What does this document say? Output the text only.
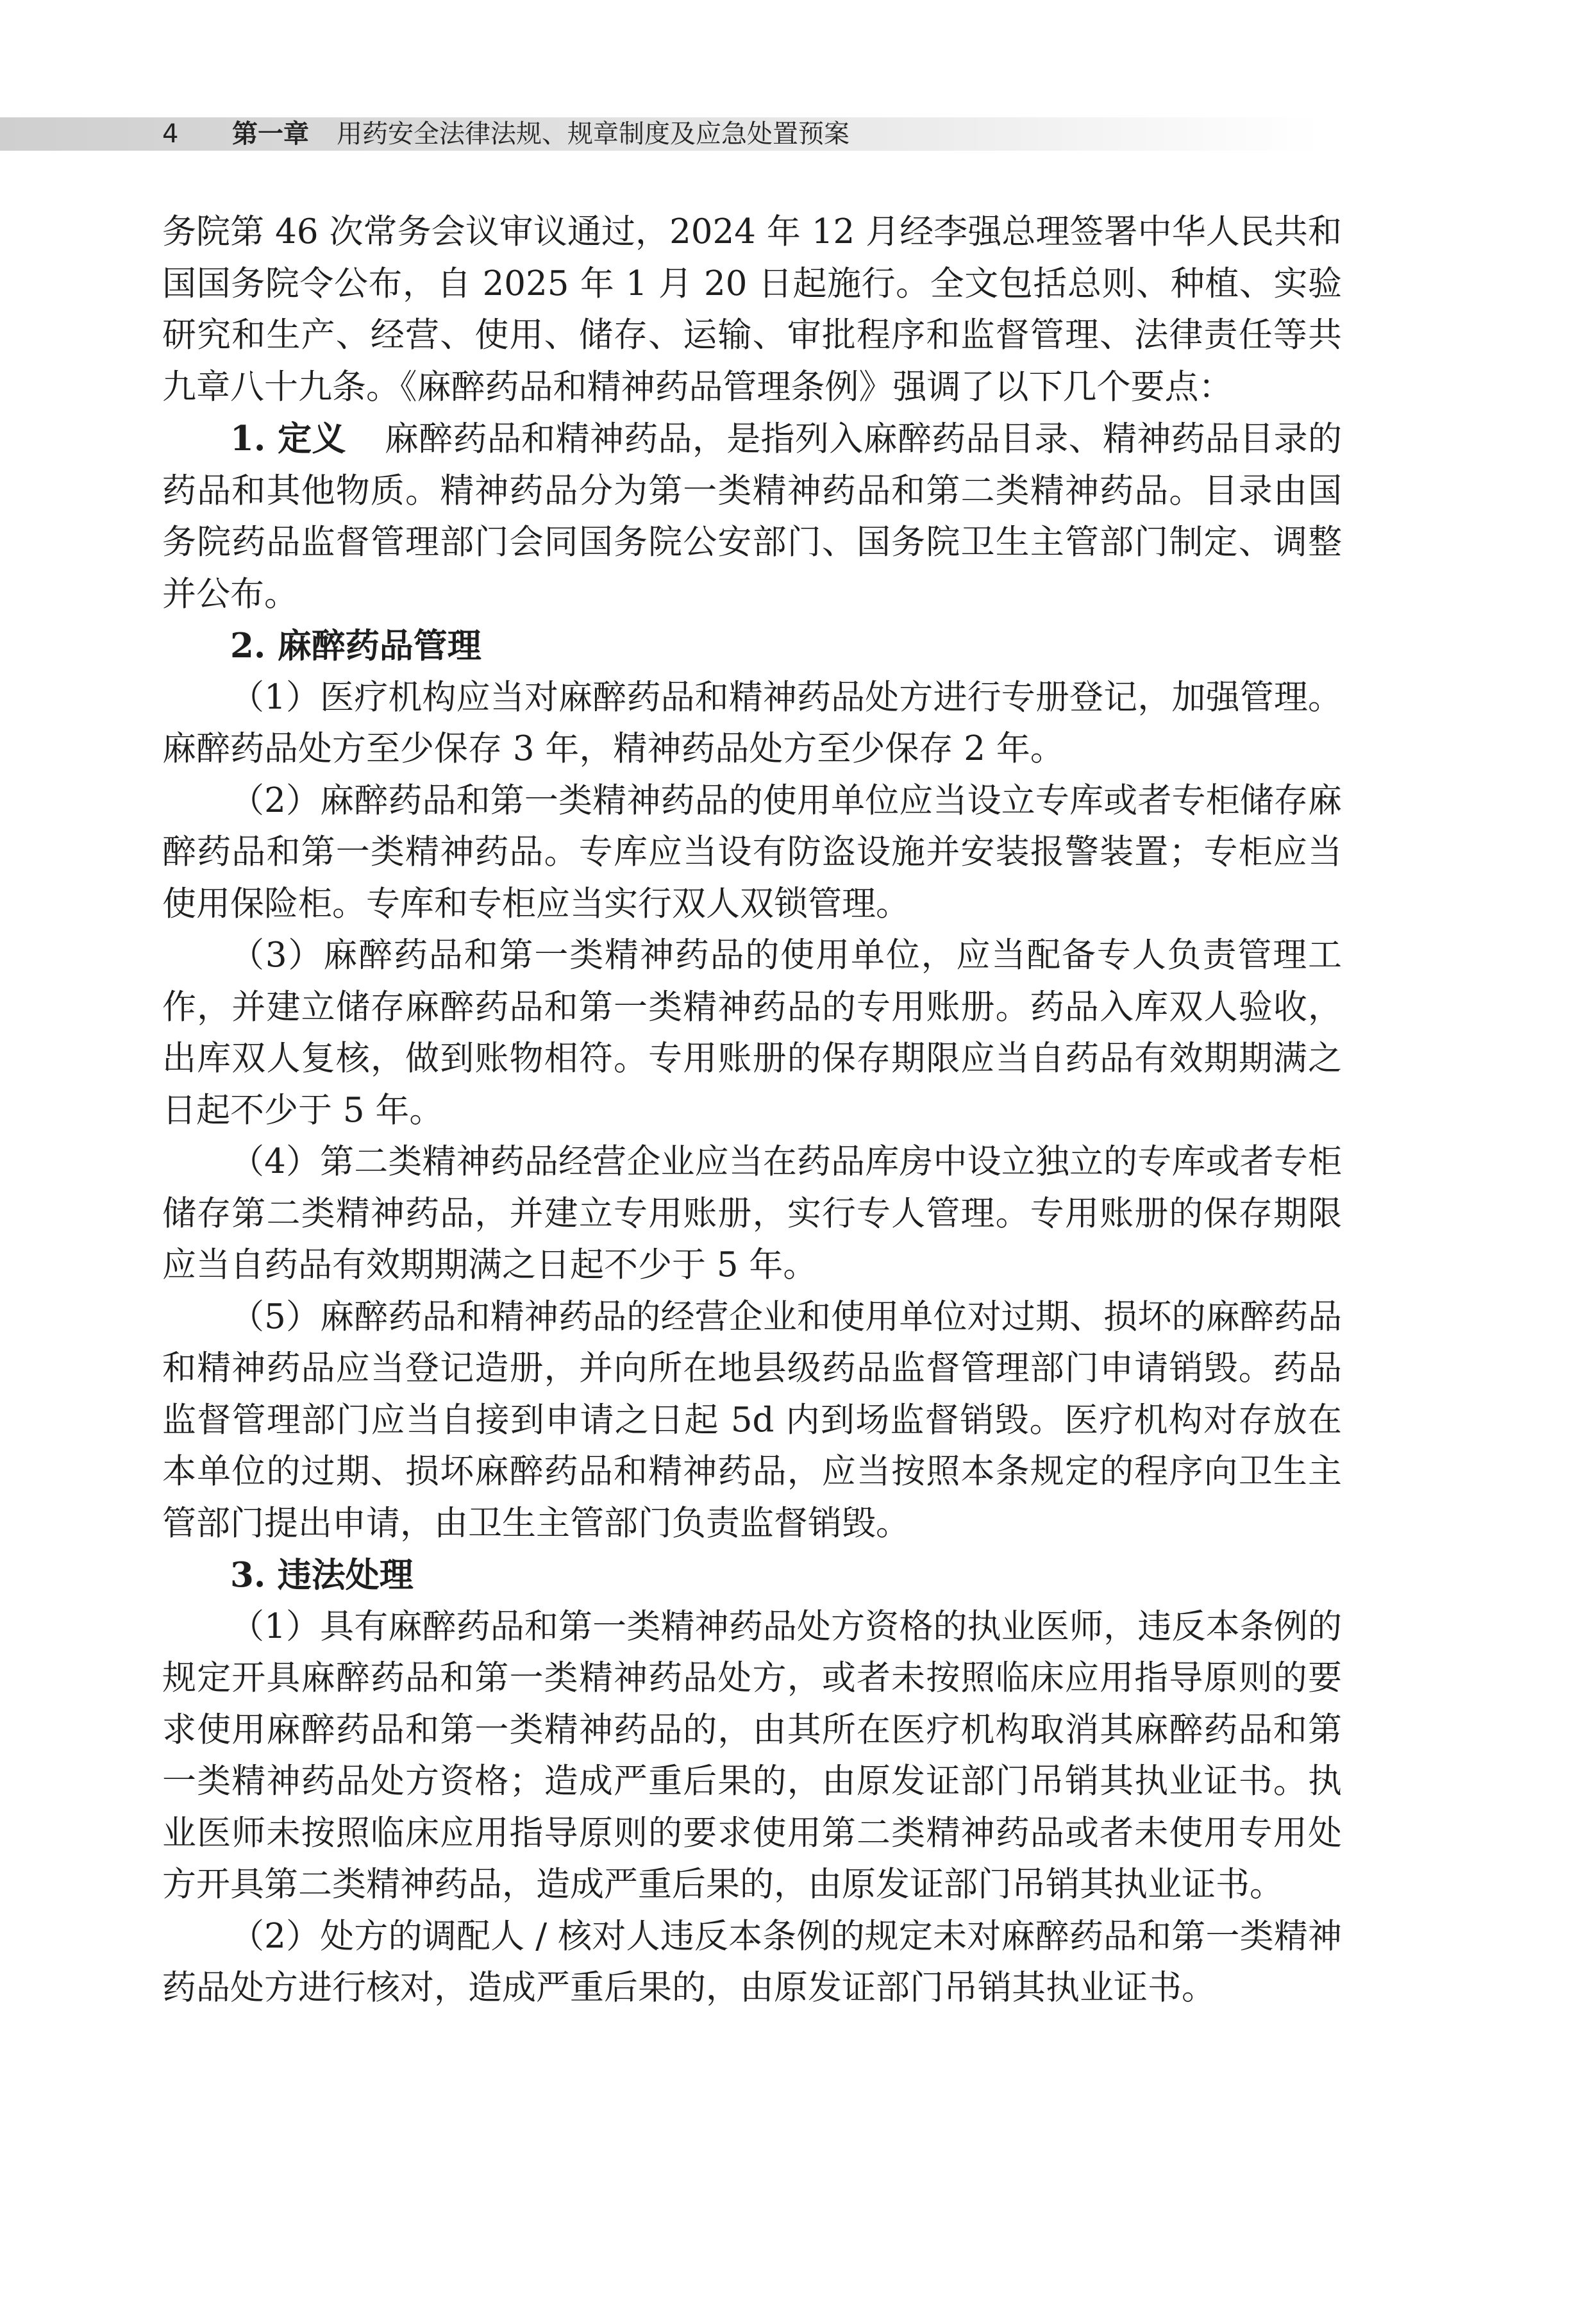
4 第一章 用药安全法律法规、规章制度及应急处置预案

务院第 46 次常务会议审议通过，2024 年 12 月经李强总理签署中华人民共和国国务院令公布，自 2025 年 1 月 20 日起施行。全文包括总则、种植、实验研究和生产、经营、使用、储存、运输、审批程序和监督管理、法律责任等共九章八十九条。《麻醉药品和精神药品管理条例》强调了以下几个要点：

1. 定义 麻醉药品和精神药品，是指列入麻醉药品目录、精神药品目录的药品和其他物质。精神药品分为第一类精神药品和第二类精神药品。目录由国务院药品监督管理部门会同国务院公安部门、国务院卫生主管部门制定、调整并公布。

2. 麻醉药品管理

（1）医疗机构应当对麻醉药品和精神药品处方进行专册登记，加强管理。麻醉药品处方至少保存 3 年，精神药品处方至少保存 2 年。

（2）麻醉药品和第一类精神药品的使用单位应当设立专库或者专柜储存麻醉药品和第一类精神药品。专库应当设有防盗设施并安装报警装置；专柜应当使用保险柜。专库和专柜应当实行双人双锁管理。

（3）麻醉药品和第一类精神药品的使用单位，应当配备专人负责管理工作，并建立储存麻醉药品和第一类精神药品的专用账册。药品入库双人验收，出库双人复核，做到账物相符。专用账册的保存期限应当自药品有效期期满之日起不少于 5 年。

（4）第二类精神药品经营企业应当在药品库房中设立独立的专库或者专柜储存第二类精神药品，并建立专用账册，实行专人管理。专用账册的保存期限应当自药品有效期期满之日起不少于 5 年。

（5）麻醉药品和精神药品的经营企业和使用单位对过期、损坏的麻醉药品和精神药品应当登记造册，并向所在地县级药品监督管理部门申请销毁。药品监督管理部门应当自接到申请之日起 5d 内到场监督销毁。医疗机构对存放在本单位的过期、损坏麻醉药品和精神药品，应当按照本条规定的程序向卫生主管部门提出申请，由卫生主管部门负责监督销毁。

3. 违法处理

（1）具有麻醉药品和第一类精神药品处方资格的执业医师，违反本条例的规定开具麻醉药品和第一类精神药品处方，或者未按照临床应用指导原则的要求使用麻醉药品和第一类精神药品的，由其所在医疗机构取消其麻醉药品和第一类精神药品处方资格；造成严重后果的，由原发证部门吊销其执业证书。执业医师未按照临床应用指导原则的要求使用第二类精神药品或者未使用专用处方开具第二类精神药品，造成严重后果的，由原发证部门吊销其执业证书。

（2）处方的调配人 / 核对人违反本条例的规定未对麻醉药品和第一类精神药品处方进行核对，造成严重后果的，由原发证部门吊销其执业证书。
